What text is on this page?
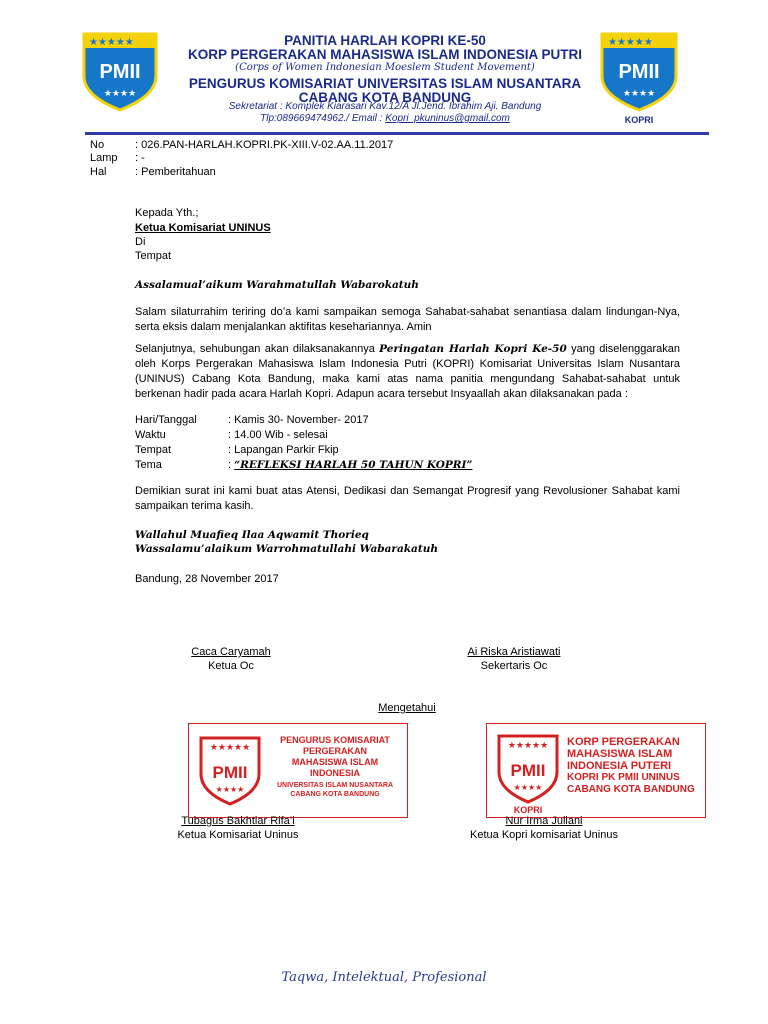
★★★★★
PMII
★★★★
★★★★★
PMII
★★★★
KOPRI
PANITIA HARLAH KOPRI KE-50
KORP PERGERAKAN MAHASISWA ISLAM INDONESIA PUTRI
(Corps of Women Indonesian Moeslem Student Movement)
PENGURUS KOMISARIAT UNIVERSITAS ISLAM NUSANTARA
CABANG KOTA BANDUNG
Sekretariat : Komplek Kiarasari Kav.12/A Jl.Jend. Ibrahim Aji. Bandung
Tlp:089669474962./ Email : Kopri_pkuninus@gmail.com
No	: 026.PAN-HARLAH.KOPRI.PK-XIII.V-02.AA.11.2017
Lamp : -
Hal	: Pemberitahuan
Kepada Yth.;
Ketua Komisariat UNINUS
Di
Tempat
Assalamual’aikum Warahmatullah Wabarokatuh
Salam silaturrahim teriring do’a kami sampaikan semoga Sahabat-sahabat senantiasa dalam lindungan-Nya, serta eksis dalam menjalankan aktifitas kesehariannya. Amin
Selanjutnya, sehubungan akan dilaksanakannya Peringatan Harlah Kopri Ke-50 yang diselenggarakan oleh Korps Pergerakan Mahasiswa Islam Indonesia Putri (KOPRI) Komisariat Universitas Islam Nusantara (UNINUS) Cabang Kota Bandung, maka kami atas nama panitia mengundang Sahabat-sahabat untuk berkenan hadir pada acara Harlah Kopri. Adapun acara tersebut Insyaallah akan dilaksanakan pada :
Hari/Tanggal	: Kamis 30- November- 2017
Waktu	: 14.00 Wib - selesai
Tempat	: Lapangan Parkir Fkip
Tema	: “REFLEKSI HARLAH 50 TAHUN KOPRI”
Demikian surat ini kami buat atas Atensi, Dedikasi dan Semangat Progresif yang Revolusioner Sahabat kami sampaikan terima kasih.
Wallahul Muafieq Ilaa Aqwamit Thorieq
Wassalamu’alaikum Warrohmatullahi Wabarakatuh
Bandung, 28 November 2017
Caca Caryamah
Ketua Oc
Ai Riska Aristiawati
Sekertaris Oc
Mengetahui
★★★★★
PMII
★★★★
PENGURUS KOMISARIAT
PERGERAKAN
MAHASISWA ISLAM
INDONESIA
UNIVERSITAS ISLAM NUSANTARA
CABANG KOTA BANDUNG
★★★★★
PMII
★★★★
KOPRI
KORP PERGERAKAN
MAHASISWA ISLAM
INDONESIA PUTERI
KOPRI PK PMII UNINUS
CABANG KOTA BANDUNG
Tubagus Bakhtiar Rifa’i
Ketua Komisariat Uninus
Nur Irma Juliani
Ketua Kopri komisariat Uninus
Taqwa, Intelektual, Profesional
